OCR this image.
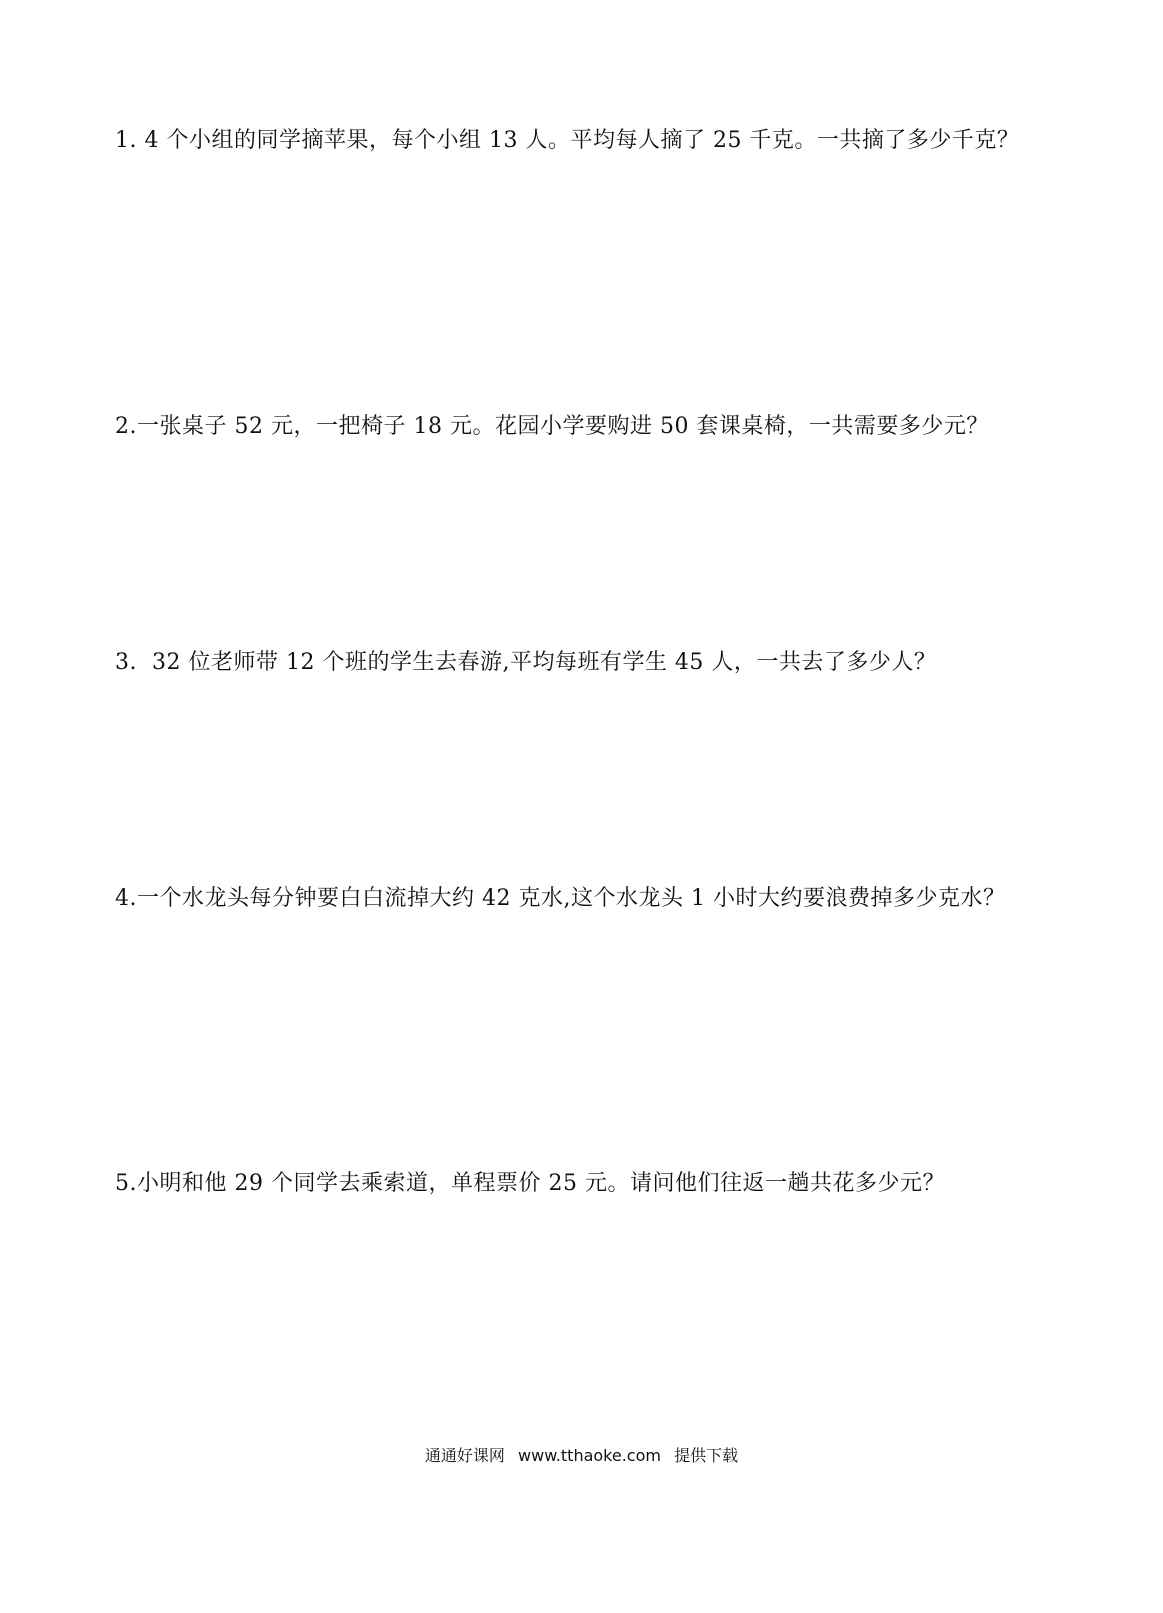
1. 4 个小组的同学摘苹果，每个小组 13 人。平均每人摘了 25 千克。一共摘了多少千克？
2.一张桌子 52 元，一把椅子 18 元。花园小学要购进 50 套课桌椅，一共需要多少元？
3.  32 位老师带 12 个班的学生去春游,平均每班有学生 45 人，一共去了多少人？
4.一个水龙头每分钟要白白流掉大约 42 克水,这个水龙头 1 小时大约要浪费掉多少克水？
5.小明和他 29 个同学去乘索道，单程票价 25 元。请问他们往返一趟共花多少元？
通通好课网 www.tthaoke.com 提供下载
